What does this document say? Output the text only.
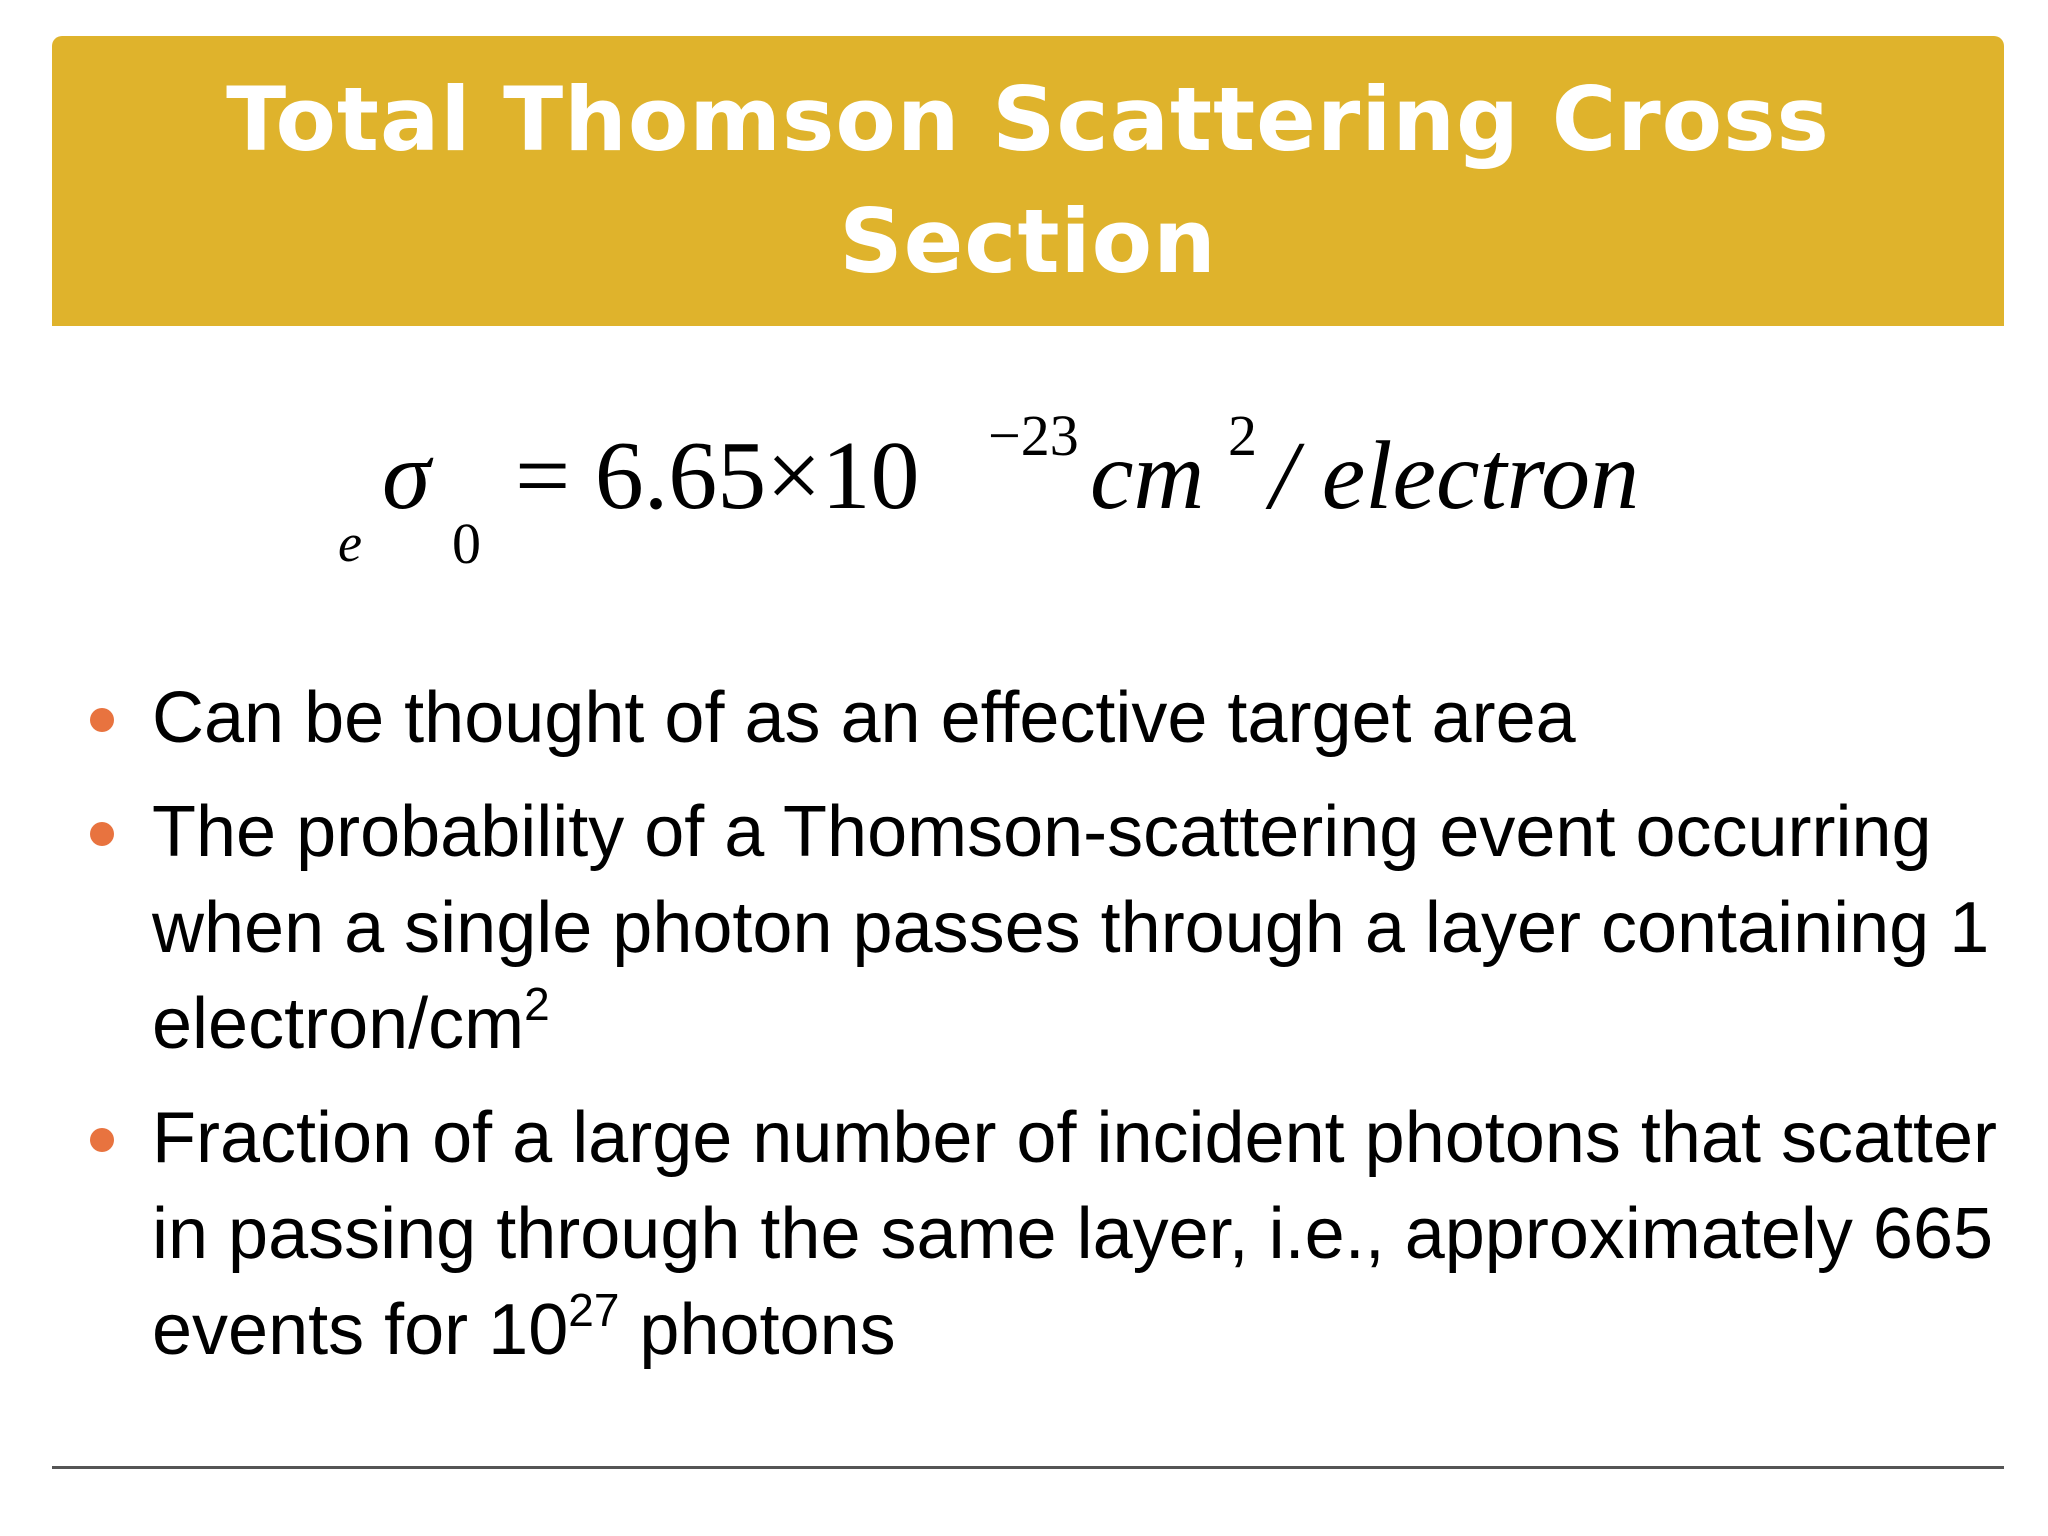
Total Thomson Scattering Cross
Section
e
σ
0
= 6.65×10 −23 cm 2 / electron
Can be thought of as an effective target area
The probability of a Thomson-scattering event occurring when a single photon passes through a layer containing 1 electron/$cm^2$
Fraction of a large number of incident photons that scatter in passing through the same layer, i.e., approximately 665 events for $10^{27}$ photons
